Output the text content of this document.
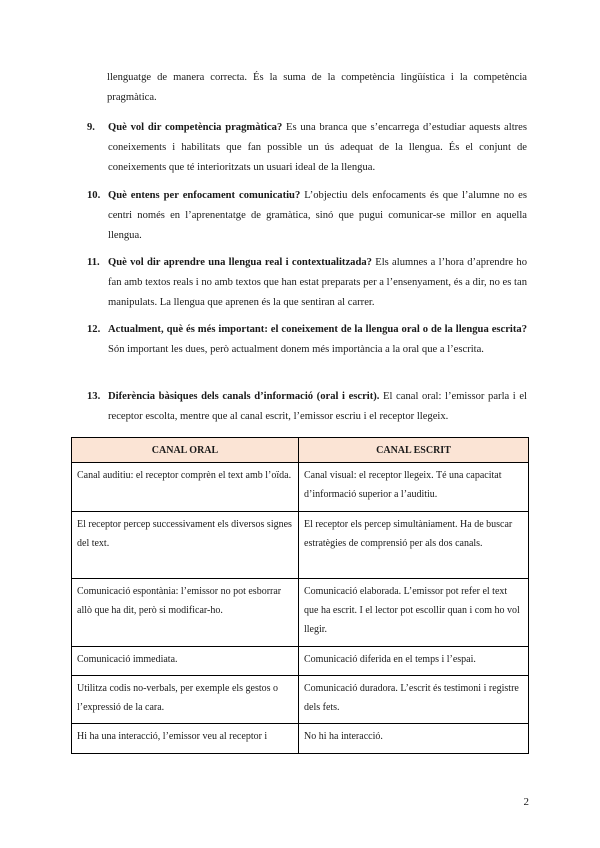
llenguatge de manera correcta. És la suma de la competència lingüística i la competència pragmàtica.

9.	Què vol dir competència pragmàtica? Es una branca que s’encarrega d’estudiar aquests altres coneixements i habilitats que fan possible un ús adequat de la llengua. És el conjunt de coneixements que té interioritzats un usuari ideal de la llengua.
10. Què entens per enfocament comunicatiu? L’objectiu dels enfocaments és que l’alumne no es centri només en l’aprenentatge de gramàtica, sinó que pugui comunicar-se millor en aquella llengua.
11. Què vol dir aprendre una llengua real i contextualitzada? Els alumnes a l’hora d’aprendre ho fan amb textos reals i no amb textos que han estat preparats per a l’ensenyament, és a dir, no es tan manipulats. La llengua que aprenen és la que sentiran al carrer.
12. Actualment, què és més important: el coneixement de la llengua oral o de la llengua escrita? Són important les dues, però actualment donem més importància a la oral que a l’escrita.
13. Diferència bàsiques dels canals d’informació (oral i escrit). El canal oral: l’emissor parla i el receptor escolta, mentre que al canal escrit, l’emissor escriu i el receptor llegeix.
CANAL ORAL	CANAL ESCRIT
Canal auditiu: el receptor comprèn el text amb l’oïda.	Canal visual: el receptor llegeix. Té una capacitat d’informació superior a l’auditiu.
El receptor percep successivament els diversos signes del text.	El receptor els percep simultàniament. Ha de buscar estratègies de comprensió per als dos canals.
Comunicació espontània: l’emissor no pot esborrar allò que ha dit, però si modificar-ho.	Comunicació elaborada. L’emissor pot refer el text que ha escrit. I el lector pot escollir quan i com ho vol llegir.
Comunicació immediata.	Comunicació diferida en el temps i l’espai.
Utilitza codis no-verbals, per exemple els gestos o l’expressió de la cara.	Comunicació duradora. L’escrit és testimoni i registre dels fets.
Hi ha una interacció, l’emissor veu al receptor i	No hi ha interacció.
2
